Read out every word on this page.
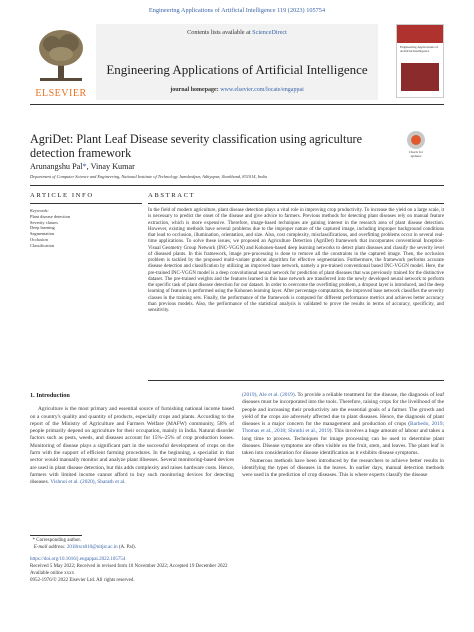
Engineering Applications of Artificial Intelligence 119 (2023) 105754
ELSEVIER
Contents lists available at ScienceDirect
Engineering Applications of Artificial Intelligence
journal homepage: www.elsevier.com/locate/engappai
Engineering Applications of Artificial Intelligence
AgriDet: Plant Leaf Disease severity classification using agriculture detection framework	Check for updates
Arunangshu Pal*, Vinay Kumar
Department of Computer Science and Engineering, National Institute of Technology Jamshedpur, Adityapur, Jharkhand, 831014, India
ARTICLE INFO	ABSTRACT
Keywords:
Plant disease detection
Severity classes
Deep learning
Segmentation
Occlusion
Classification
In the field of modern agriculture, plant disease detection plays a vital role in improving crop productivity. To increase the yield on a large scale, it is necessary to predict the onset of the disease and give advice to farmers. Previous methods for detecting plant diseases rely on manual feature extraction, which is more expensive. Therefore, image-based techniques are gaining interest in the research area of plant disease detection. However, existing methods have several problems due to the improper nature of the captured image, including improper background conditions that lead to occlusion, illumination, orientation, and size. Also, cost complexity, misclassifications, and overfitting problems occur in several real-time applications. To solve these issues, we proposed an Agriculture Detection (AgriDet) framework that incorporates conventional Inception-Visual Geometry Group Network (INC-VGGN) and Kohonen-based deep learning networks to detect plant diseases and classify the severity level of diseased plants. In this framework, image pre-processing is done to remove all the constraints in the captured image. Then, the occlusion problem is tackled by the proposed multi-variate grabcut algorithm for effective segmentation. Furthermore, the framework performs accurate disease detection and classification by utilizing an improved base network, namely a pre-trained conventional based INC-VGGN model. Here, the pre-trained INC-VGGN model is a deep convolutional neural network for prediction of plant diseases that was previously trained for the distinctive dataset. The pre-trained weights and the features learned in this base network are transferred into the newly developed neural network to perform the specific task of plant disease detection for our dataset. In order to overcome the overfitting problem, a dropout layer is introduced, and the deep learning of features is performed using the Kohonen learning layer. After percentage computation, the improved base network classifies the severity classes in the training sets. Finally, the performance of the framework is computed for different performance metrics and achieves better accuracy than previous models. Also, the performance of the statistical analysis is validated to prove the results in terms of accuracy, specificity, and sensitivity.
1. Introduction

Agriculture is the most primary and essential source of furnishing national income based on a country's quality and quantity of products, especially crops and plants. According to the report of the Ministry of Agriculture and Farmers Welfare (MAFW) community, 58% of people primarily depend on agriculture for their occupation, mainly in India. Natural disorder factors such as pests, weeds, and diseases account for 15%–25% of crop production losses. Monitoring of disease plays a significant part in the successful development of crops on the farm with the support of efficient farming procedures. In the beginning, a specialist in that sector would manually monitor and analyze plant illnesses. Several monitoring-based devices are used in plant disease detection, but this adds complexity and raises hardware costs. Hence, farmers with limited income cannot afford to buy such monitoring devices for detecting diseases. Vishnoi et al. (2020), Sharath et al.

(2019), Ale et al. (2019). To provide a reliable treatment for the disease, the diagnosis of leaf diseases must be incorporated into the tools. Therefore, raising crops for the livelihood of the people and increasing their productivity are the essential goals of a farmer. The growth and yield of the crops are adversely affected due to plant diseases. Hence, the diagnosis of plant diseases is a major concern for the management and production of crops (Barbedo, 2019; Thomas et al., 2018; Shruthi et al., 2019). This involves a huge amount of labour and takes a long time to process. Techniques for image processing can be used to determine plant diseases. Disease symptoms are often visible on the fruit, stem, and leaves. The plant leaf is taken into consideration for disease identification as it exhibits disease symptoms.

Numerous methods have been introduced by the researchers to achieve better results in identifying the types of diseases in the leaves. In earlier days, manual detection methods were used in the prediction of crop diseases. This is where experts classify the disease

* Corresponding author.
E-mail address: 2018rscs010@nitjsr.ac.in (A. Pal).
https://doi.org/10.1016/j.engappai.2022.105754
Received 5 May 2022; Received in revised form 10 November 2022; Accepted 19 December 2022
Available online xxxx
0952-1976/© 2022 Elsevier Ltd. All rights reserved.
